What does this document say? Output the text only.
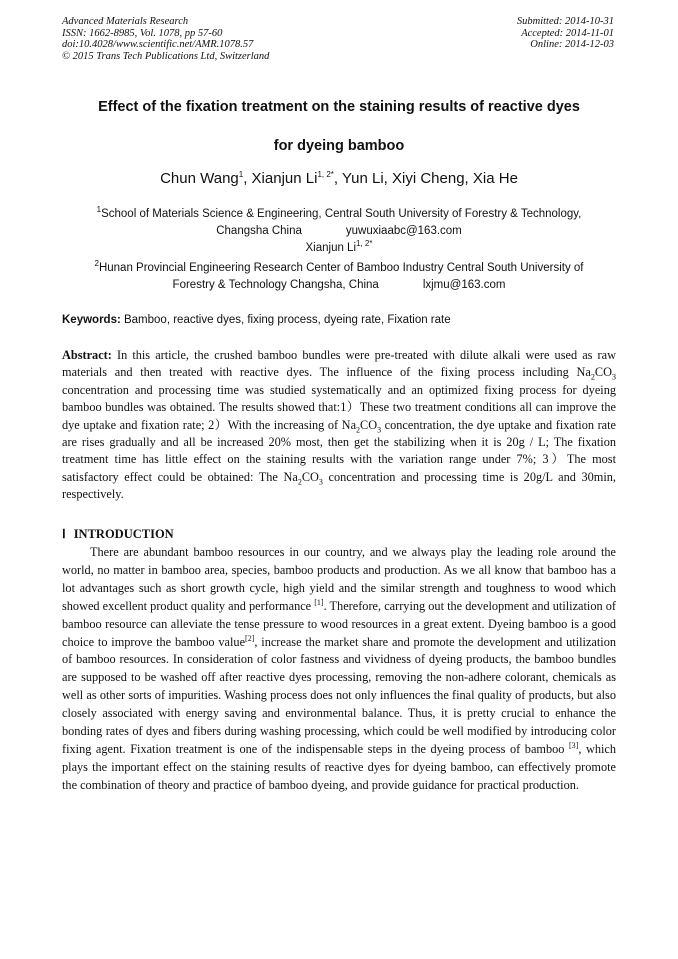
Advanced Materials Research
ISSN: 1662-8985, Vol. 1078, pp 57-60
doi:10.4028/www.scientific.net/AMR.1078.57
© 2015 Trans Tech Publications Ltd, Switzerland
Submitted: 2014-10-31
Accepted: 2014-11-01
Online: 2014-12-03
Effect of the fixation treatment on the staining results of reactive dyes
for dyeing bamboo
Chun Wang$^1$, Xianjun $Li^{1, 2*}$, Yun Li, Xiyi Cheng, Xia He
$^1$School of Materials Science & Engineering, Central South University of Forestry & Technology,
Changsha China	yuwuxiaabc@163.com
Xianjun $Li^{1, 2*}$
$^2$Hunan Provincial Engineering Research Center of Bamboo Industry Central South University of
Forestry & Technology Changsha, China	lxjmu@163.com
Keywords: Bamboo, reactive dyes, fixing process, dyeing rate, Fixation rate
Abstract: In this article, the crushed bamboo bundles were pre-treated with dilute alkali were used as raw materials and then treated with reactive dyes. The influence of the fixing process including $Na_2CO_3$ concentration and processing time was studied systematically and an optimized fixing process for dyeing bamboo bundles was obtained. The results showed that:1）These two treatment conditions all can improve the dye uptake and fixation rate; 2）With the increasing of $Na_2CO_3$ concentration, the dye uptake and fixation rate are rises gradually and all be increased 20% most, then get the stabilizing when it is 20g / L; The fixation treatment time has little effect on the staining results with the variation range under 7%; 3）The most satisfactory effect could be obtained: The $Na_2CO_3$ concentration and processing time is 20g/L and 30min, respectively.
Ⅰ INTRODUCTION
There are abundant bamboo resources in our country, and we always play the leading role around the world, no matter in bamboo area, species, bamboo products and production. As we all know that bamboo has a lot advantages such as short growth cycle, high yield and the similar strength and toughness to wood which showed excellent product quality and performance [1]. Therefore, carrying out the development and utilization of bamboo resource can alleviate the tense pressure to wood resources in a great extent. Dyeing bamboo is a good choice to improve the bamboo value[2], increase the market share and promote the development and utilization of bamboo resources. In consideration of color fastness and vividness of dyeing products, the bamboo bundles are supposed to be washed off after reactive dyes processing, removing the non-adhere colorant, chemicals as well as other sorts of impurities. Washing process does not only influences the final quality of products, but also closely associated with energy saving and environmental balance. Thus, it is pretty crucial to enhance the bonding rates of dyes and fibers during washing processing, which could be well modified by introducing color fixing agent. Fixation treatment is one of the indispensable steps in the dyeing process of bamboo [3], which plays the important effect on the staining results of reactive dyes for dyeing bamboo, can effectively promote the combination of theory and practice of bamboo dyeing, and provide guidance for practical production.
